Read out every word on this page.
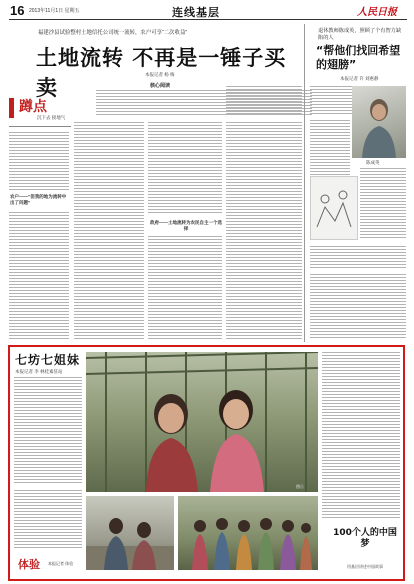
16 2013年11月1日 星期五	连线基层	人民日报
福建沙县试验整村土地信托公司统一流转，农户可享“二次收益”
土地流转 不再是一锤子买卖
本报记者 杨 梅
核心阅读
蹲点
沉下去 接地气
农户——“但我的地为流转中出了问题”
政府——土地流转为农民自主一个选择
退休教师陈成英，照顾了个有智力缺陷的人
“帮他们找回希望的翅膀”
本报记者 许 刘惠静
陈成英
七坊七姐妹
本报记者 李 林桂素驻站
图①
体验 本报记者 体验
100个人的中国梦
用基层讲述中国故事
